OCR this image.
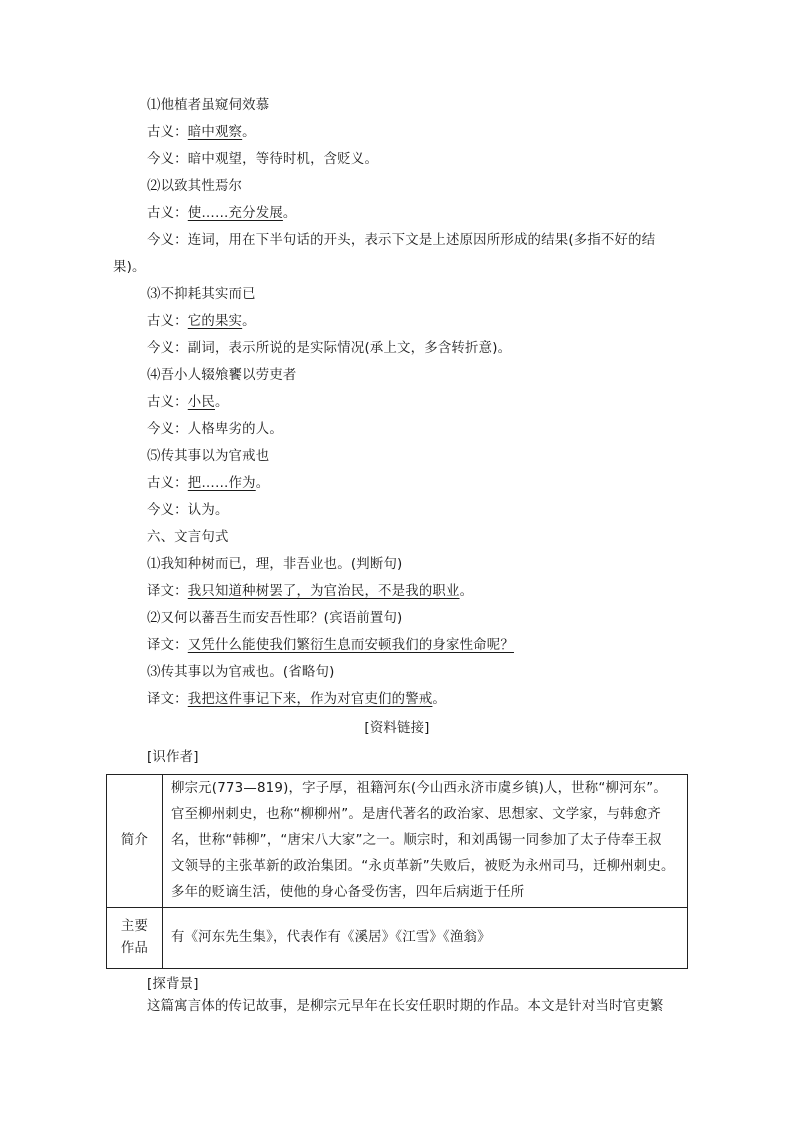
⑴他植者虽窥伺效慕
古义：暗中观察。
今义：暗中观望，等待时机，含贬义。
⑵以致其性焉尔
古义：使……充分发展。
今义：连词，用在下半句话的开头，表示下文是上述原因所形成的结果(多指不好的结
果)。
⑶不抑耗其实而已
古义：它的果实。
今义：副词，表示所说的是实际情况(承上文，多含转折意)。
⑷吾小人辍飧饔以劳吏者
古义：小民。
今义：人格卑劣的人。
⑸传其事以为官戒也
古义：把……作为。
今义：认为。
六、文言句式
⑴我知种树而已，理，非吾业也。(判断句)
译文：我只知道种树罢了，为官治民，不是我的职业。
⑵又何以蕃吾生而安吾性耶？(宾语前置句)
译文：又凭什么能使我们繁衍生息而安顿我们的身家性命呢？
⑶传其事以为官戒也。(省略句)
译文：我把这件事记下来，作为对官吏们的警戒。
[资料链接]
[识作者]
简介	柳宗元(773—819)，字子厚，祖籍河东(今山西永济市虞乡镇)人，世称“柳河东”。
官至柳州刺史，也称“柳柳州”。是唐代著名的政治家、思想家、文学家，与韩愈齐
名，世称“韩柳”，“唐宋八大家”之一。顺宗时，和刘禹锡一同参加了太子侍奉王叔
文领导的主张革新的政治集团。“永贞革新”失败后，被贬为永州司马，迁柳州刺史。
多年的贬谪生活，使他的身心备受伤害，四年后病逝于任所

主要
作品	有《河东先生集》，代表作有《溪居》《江雪》《渔翁》
[探背景]
这篇寓言体的传记故事，是柳宗元早年在长安任职时期的作品。本文是针对当时官吏繁
